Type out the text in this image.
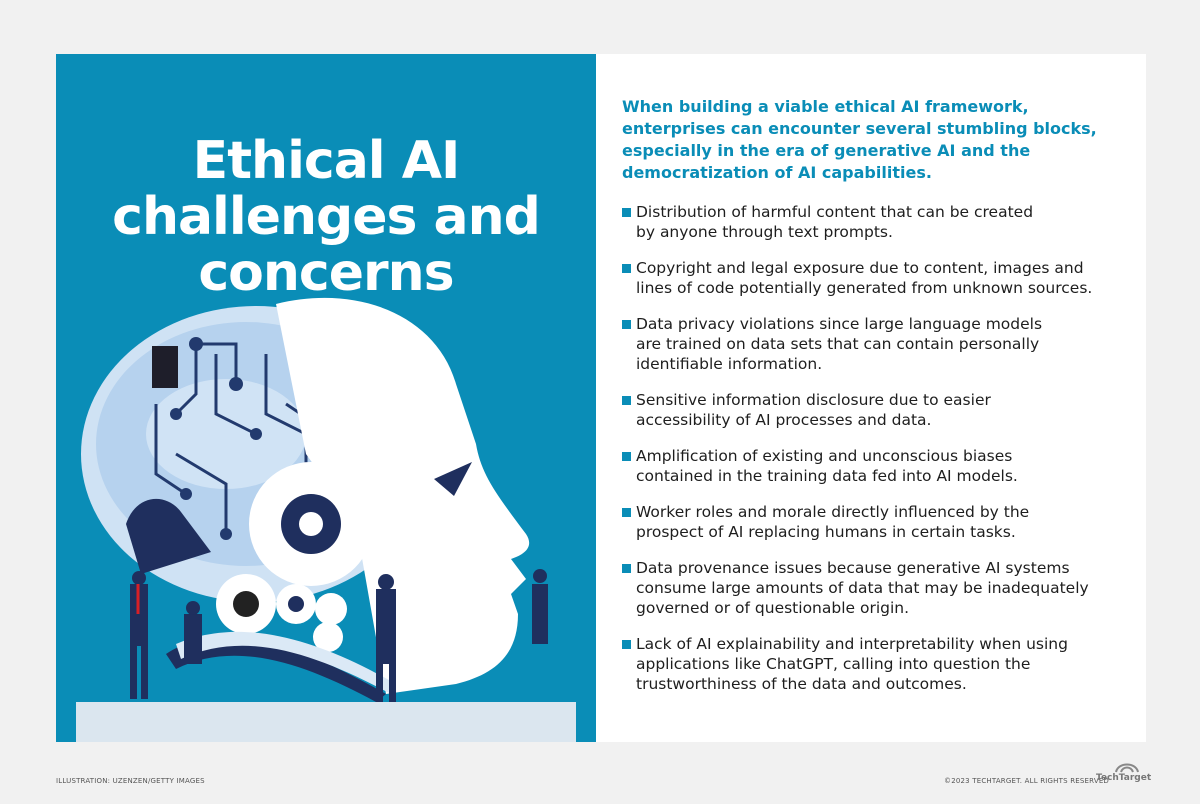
Ethical AI
challenges and
concerns

When building a viable ethical AI framework, enterprises can encounter several stumbling blocks, especially in the era of generative AI and the democratization of AI capabilities.

Distribution of harmful content that can be created
by anyone through text prompts.
Copyright and legal exposure due to content, images and
lines of code potentially generated from unknown sources.
Data privacy violations since large language models
are trained on data sets that can contain personally
identifiable information.
Sensitive information disclosure due to easier
accessibility of AI processes and data.
Amplification of existing and unconscious biases
contained in the training data fed into AI models.
Worker roles and morale directly influenced by the
prospect of AI replacing humans in certain tasks.
Data provenance issues because generative AI systems
consume large amounts of data that may be inadequately
governed or of questionable origin.
Lack of AI explainability and interpretability when using
applications like ChatGPT, calling into question the
trustworthiness of the data and outcomes.
ILLUSTRATION: UZENZEN/GETTY IMAGES	©2023 TECHTARGET. ALL RIGHTS RESERVED
TechTarget
